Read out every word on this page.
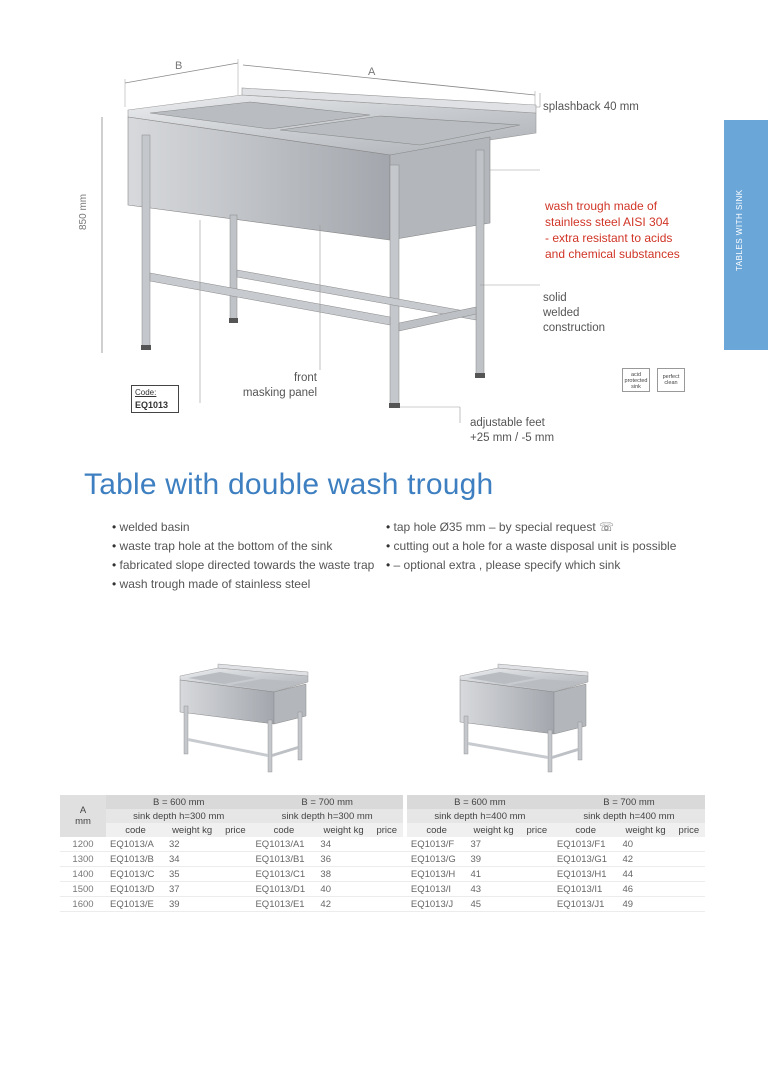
TABLES WITH SINK
B	A
850 mm
splashback 40 mm
wash trough made of
stainless steel AISI 304
- extra resistant to acids
and chemical substances
solid
welded
construction
front
masking panel
adjustable feet
+25 mm / -5 mm
Code:
EQ1013
acid
protected
sink
perfect
clean
Table with double wash trough
• welded basin
• waste trap hole at the bottom of the sink
• fabricated slope directed towards the waste trap
• wash trough made of stainless steel
• tap hole Ø35 mm – by special request ☏
• cutting out a hole for a waste disposal unit is possible
• – optional extra , please specify which sink
A
mm	B = 600 mm			B = 700 mm				B = 600 mm			B = 700 mm		
	sink depth h=300 mm			sink depth h=300 mm				sink depth h=400 mm			sink depth h=400 mm		
	code	weight kg	price	code	weight kg	price		code	weight kg	price	code	weight kg	price
1200	EQ1013/A	32		EQ1013/A1	34			EQ1013/F	37		EQ1013/F1	40	
1300	EQ1013/B	34		EQ1013/B1	36			EQ1013/G	39		EQ1013/G1	42	
1400	EQ1013/C	35		EQ1013/C1	38			EQ1013/H	41		EQ1013/H1	44	
1500	EQ1013/D	37		EQ1013/D1	40			EQ1013/I	43		EQ1013/I1	46	
1600	EQ1013/E	39		EQ1013/E1	42			EQ1013/J	45		EQ1013/J1	49	
